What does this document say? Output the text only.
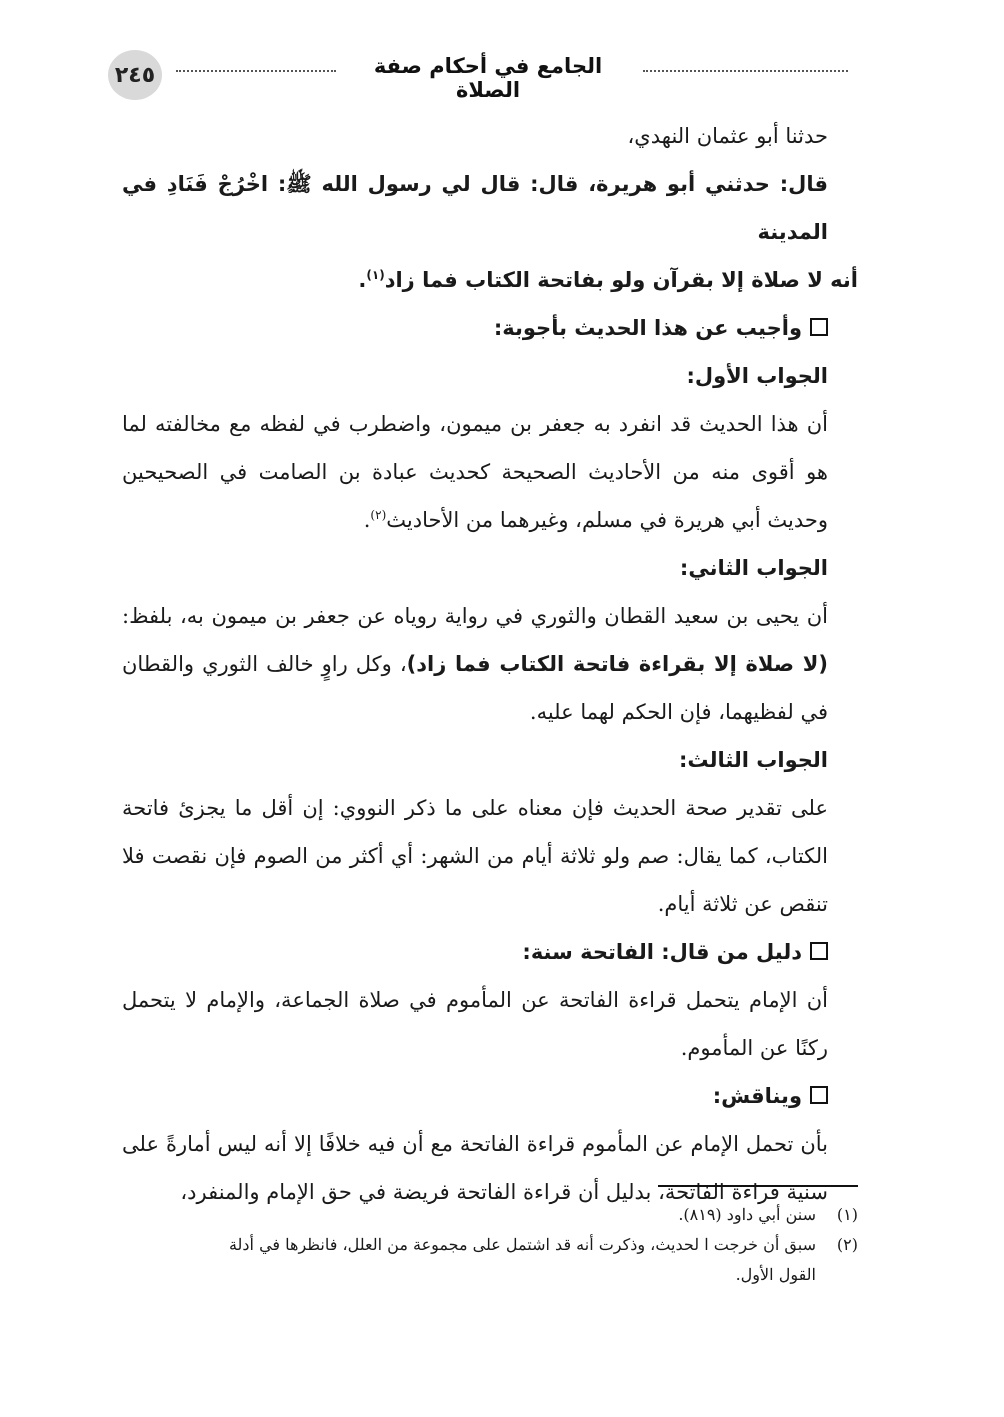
٢٤٥	الجامع في أحكام صفة الصلاة

حدثنا أبو عثمان النهدي،

قال: حدثني أبو هريرة، قال: قال لي رسول الله ﷺ: اخْرُجْ فَنَادِ في المدينة

أنه لا صلاة إلا بقرآن ولو بفاتحة الكتاب فما زاد$^{(١)}$.

وأجيب عن هذا الحديث بأجوبة:

الجواب الأول:

أن هذا الحديث قد انفرد به جعفر بن ميمون، واضطرب في لفظه مع مخالفته لما هو أقوى منه من الأحاديث الصحيحة كحديث عبادة بن الصامت في الصحيحين وحديث أبي هريرة في مسلم، وغيرهما من الأحاديث$^{(٢)}$.

الجواب الثاني:

أن يحيى بن سعيد القطان والثوري في رواية روياه عن جعفر بن ميمون به، بلفظ: (لا صلاة إلا بقراءة فاتحة الكتاب فما زاد)، وكل راوٍ خالف الثوري والقطان في لفظيهما، فإن الحكم لهما عليه.

الجواب الثالث:

على تقدير صحة الحديث فإن معناه على ما ذكر النووي: إن أقل ما يجزئ فاتحة الكتاب، كما يقال: صم ولو ثلاثة أيام من الشهر: أي أكثر من الصوم فإن نقصت فلا تنقص عن ثلاثة أيام.

دليل من قال: الفاتحة سنة:

أن الإمام يتحمل قراءة الفاتحة عن المأموم في صلاة الجماعة، والإمام لا يتحمل ركنًا عن المأموم.

ويناقش:

بأن تحمل الإمام عن المأموم قراءة الفاتحة مع أن فيه خلافًا إلا أنه ليس أمارةً على سنية قراءة الفاتحة، بدليل أن قراءة الفاتحة فريضة في حق الإمام والمنفرد،

(١)سنن أبي داود (٨١٩).

(٢)سبق أن خرجت ا لحديث، وذكرت أنه قد اشتمل على مجموعة من العلل، فانظرها في أدلة

القول الأول.
